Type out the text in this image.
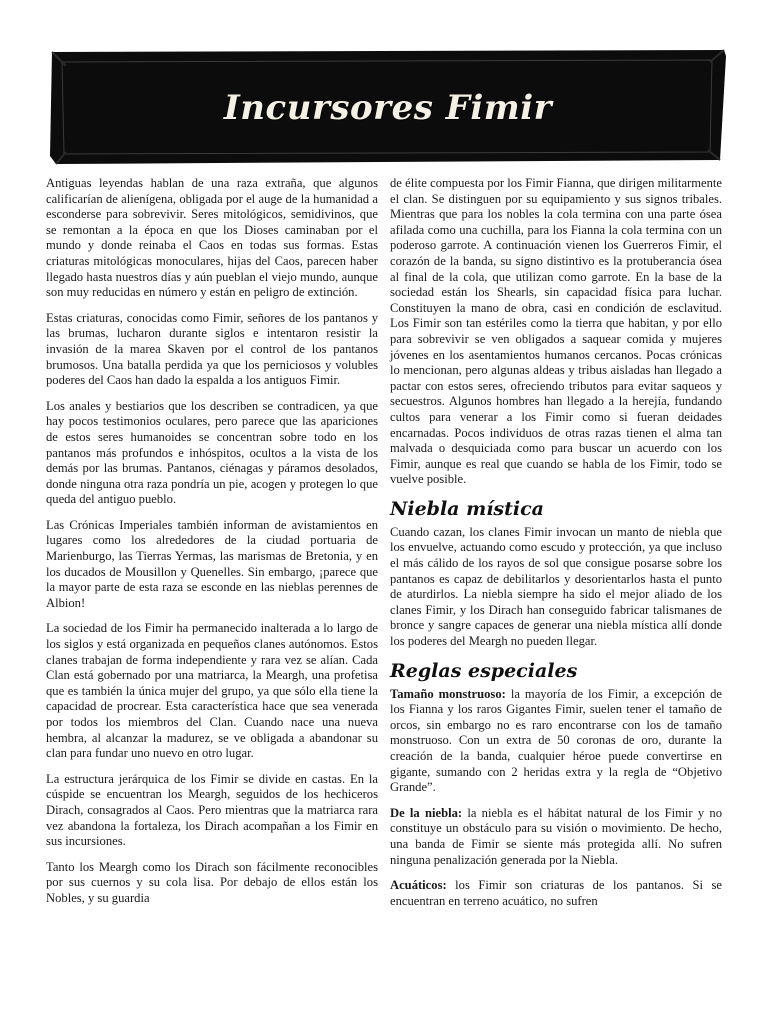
Incursores Fimir

Antiguas leyendas hablan de una raza extraña, que algunos calificarían de alienígena, obligada por el auge de la humanidad a esconderse para sobrevivir. Seres mitológicos, semidivinos, que se remontan a la época en que los Dioses caminaban por el mundo y donde reinaba el Caos en todas sus formas. Estas criaturas mitológicas monoculares, hijas del Caos, parecen haber llegado hasta nuestros días y aún pueblan el viejo mundo, aunque son muy reducidas en número y están en peligro de extinción.

Estas criaturas, conocidas como Fimir, señores de los pantanos y las brumas, lucharon durante siglos e intentaron resistir la invasión de la marea Skaven por el control de los pantanos brumosos. Una batalla perdida ya que los perniciosos y volubles poderes del Caos han dado la espalda a los antiguos Fimir.

Los anales y bestiarios que los describen se contradicen, ya que hay pocos testimonios oculares, pero parece que las apariciones de estos seres humanoides se concentran sobre todo en los pantanos más profundos e inhóspitos, ocultos a la vista de los demás por las brumas. Pantanos, ciénagas y páramos desolados, donde ninguna otra raza pondría un pie, acogen y protegen lo que queda del antiguo pueblo.

Las Crónicas Imperiales también informan de avistamientos en lugares como los alrededores de la ciudad portuaria de Marienburgo, las Tierras Yermas, las marismas de Bretonia, y en los ducados de Mousillon y Quenelles. Sin embargo, ¡parece que la mayor parte de esta raza se esconde en las nieblas perennes de Albion!

La sociedad de los Fimir ha permanecido inalterada a lo largo de los siglos y está organizada en pequeños clanes autónomos. Estos clanes trabajan de forma independiente y rara vez se alían. Cada Clan está gobernado por una matriarca, la Meargh, una profetisa que es también la única mujer del grupo, ya que sólo ella tiene la capacidad de procrear. Esta característica hace que sea venerada por todos los miembros del Clan. Cuando nace una nueva hembra, al alcanzar la madurez, se ve obligada a abandonar su clan para fundar uno nuevo en otro lugar.

La estructura jerárquica de los Fimir se divide en castas. En la cúspide se encuentran los Meargh, seguidos de los hechiceros Dirach, consagrados al Caos. Pero mientras que la matriarca rara vez abandona la fortaleza, los Dirach acompañan a los Fimir en sus incursiones.

Tanto los Meargh como los Dirach son fácilmente reconocibles por sus cuernos y su cola lisa. Por debajo de ellos están los Nobles, y su guardia

de élite compuesta por los Fimir Fianna, que dirigen militarmente el clan. Se distinguen por su equipamiento y sus signos tribales. Mientras que para los nobles la cola termina con una parte ósea afilada como una cuchilla, para los Fianna la cola termina con un poderoso garrote. A continuación vienen los Guerreros Fimir, el corazón de la banda, su signo distintivo es la protuberancia ósea al final de la cola, que utilizan como garrote. En la base de la sociedad están los Shearls, sin capacidad física para luchar. Constituyen la mano de obra, casi en condición de esclavitud. Los Fimir son tan estériles como la tierra que habitan, y por ello para sobrevivir se ven obligados a saquear comida y mujeres jóvenes en los asentamientos humanos cercanos. Pocas crónicas lo mencionan, pero algunas aldeas y tribus aisladas han llegado a pactar con estos seres, ofreciendo tributos para evitar saqueos y secuestros. Algunos hombres han llegado a la herejía, fundando cultos para venerar a los Fimir como si fueran deidades encarnadas. Pocos individuos de otras razas tienen el alma tan malvada o desquiciada como para buscar un acuerdo con los Fimir, aunque es real que cuando se habla de los Fimir, todo se vuelve posible.

Niebla mística

Cuando cazan, los clanes Fimir invocan un manto de niebla que los envuelve, actuando como escudo y protección, ya que incluso el más cálido de los rayos de sol que consigue posarse sobre los pantanos es capaz de debilitarlos y desorientarlos hasta el punto de aturdirlos. La niebla siempre ha sido el mejor aliado de los clanes Fimir, y los Dirach han conseguido fabricar talismanes de bronce y sangre capaces de generar una niebla mística allí donde los poderes del Meargh no pueden llegar.

Reglas especiales

Tamaño monstruoso: la mayoría de los Fimir, a excepción de los Fianna y los raros Gigantes Fimir, suelen tener el tamaño de orcos, sin embargo no es raro encontrarse con los de tamaño monstruoso. Con un extra de 50 coronas de oro, durante la creación de la banda, cualquier héroe puede convertirse en gigante, sumando con 2 heridas extra y la regla de “Objetivo Grande”.

De la niebla: la niebla es el hábitat natural de los Fimir y no constituye un obstáculo para su visión o movimiento. De hecho, una banda de Fimir se siente más protegida allí. No sufren ninguna penalización generada por la Niebla.

Acuáticos: los Fimir son criaturas de los pantanos. Si se encuentran en terreno acuático, no sufren
